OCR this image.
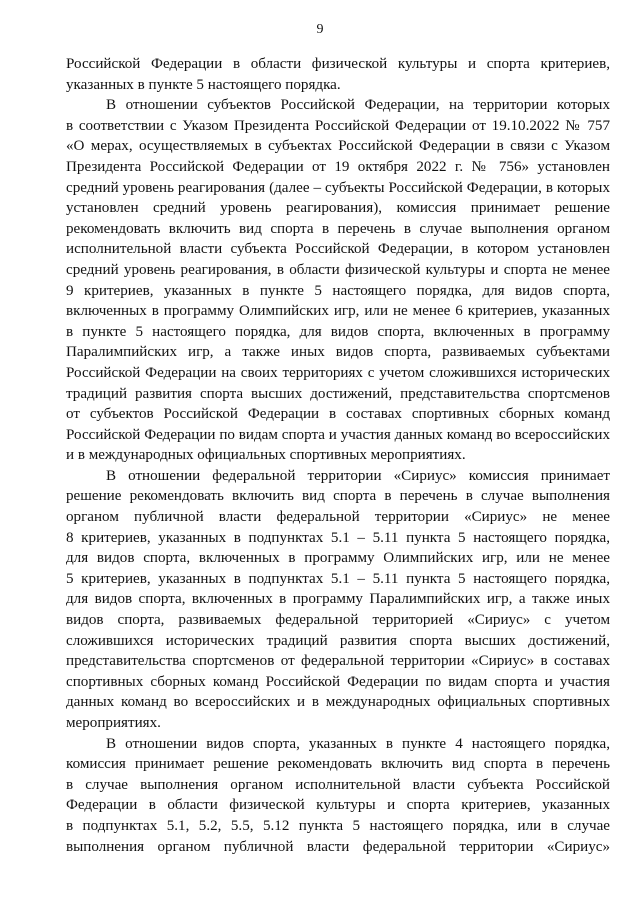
9
Российской Федерации в области физической культуры и спорта критериев,
указанных в пункте 5 настоящего порядка.
В отношении субъектов Российской Федерации, на территории которых
в соответствии с Указом Президента Российской Федерации от 19.10.2022 № 757
«О мерах, осуществляемых в субъектах Российской Федерации в связи с Указом
Президента Российской Федерации от 19 октября 2022 г. № 756» установлен
средний уровень реагирования (далее – субъекты Российской Федерации, в которых
установлен средний уровень реагирования), комиссия принимает решение
рекомендовать включить вид спорта в перечень в случае выполнения органом
исполнительной власти субъекта Российской Федерации, в котором установлен
средний уровень реагирования, в области физической культуры и спорта не менее
9 критериев, указанных в пункте 5 настоящего порядка, для видов спорта,
включенных в программу Олимпийских игр, или не менее 6 критериев, указанных
в пункте 5 настоящего порядка, для видов спорта, включенных в программу
Паралимпийских игр, а также иных видов спорта, развиваемых субъектами
Российской Федерации на своих территориях с учетом сложившихся исторических
традиций развития спорта высших достижений, представительства спортсменов
от субъектов Российской Федерации в составах спортивных сборных команд
Российской Федерации по видам спорта и участия данных команд во всероссийских
и в международных официальных спортивных мероприятиях.
В отношении федеральной территории «Сириус» комиссия принимает
решение рекомендовать включить вид спорта в перечень в случае выполнения
органом публичной власти федеральной территории «Сириус» не менее
8 критериев, указанных в подпунктах 5.1 – 5.11 пункта 5 настоящего порядка,
для видов спорта, включенных в программу Олимпийских игр, или не менее
5 критериев, указанных в подпунктах 5.1 – 5.11 пункта 5 настоящего порядка,
для видов спорта, включенных в программу Паралимпийских игр, а также иных
видов спорта, развиваемых федеральной территорией «Сириус» с учетом
сложившихся исторических традиций развития спорта высших достижений,
представительства спортсменов от федеральной территории «Сириус» в составах
спортивных сборных команд Российской Федерации по видам спорта и участия
данных команд во всероссийских и в международных официальных спортивных
мероприятиях.
В отношении видов спорта, указанных в пункте 4 настоящего порядка,
комиссия принимает решение рекомендовать включить вид спорта в перечень
в случае выполнения органом исполнительной власти субъекта Российской
Федерации в области физической культуры и спорта критериев, указанных
в подпунктах 5.1, 5.2, 5.5, 5.12 пункта 5 настоящего порядка, или в случае
выполнения органом публичной власти федеральной территории «Сириус»
